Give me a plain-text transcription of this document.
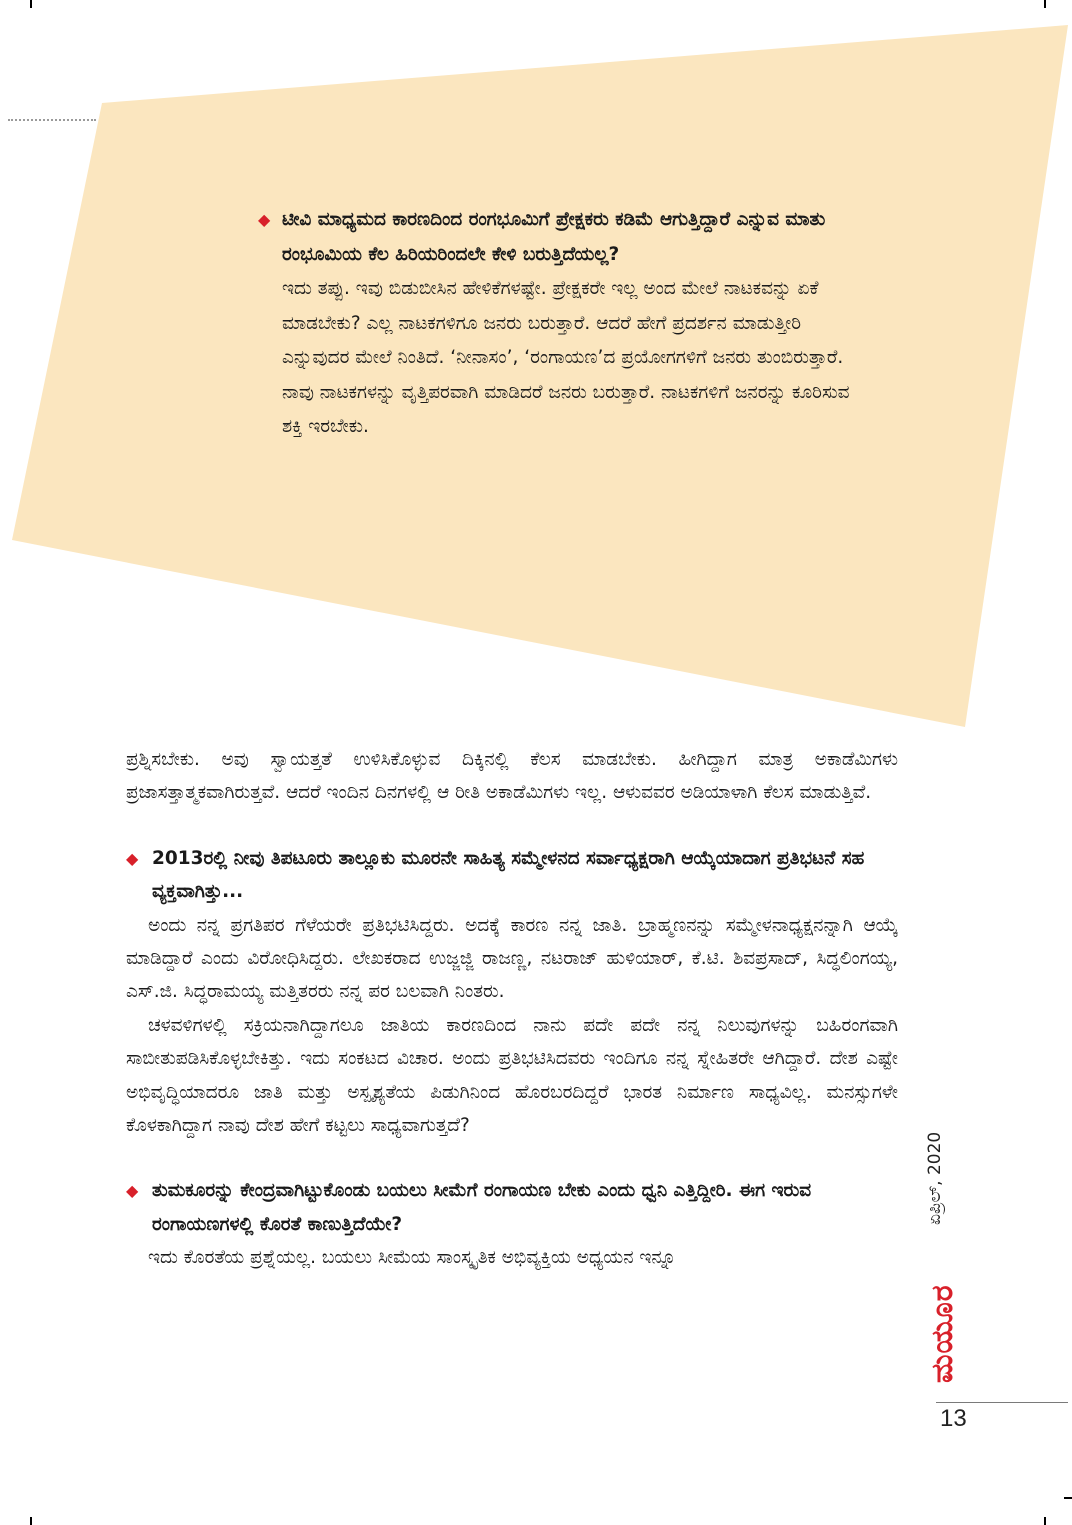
◆ ಟೀವಿ ಮಾಧ್ಯಮದ ಕಾರಣದಿಂದ ರಂಗಭೂಮಿಗೆ ಪ್ರೇಕ್ಷಕರು ಕಡಿಮೆ ಆಗುತ್ತಿದ್ದಾರೆ ಎನ್ನುವ ಮಾತು ರಂಭೂಮಿಯ ಕೆಲ ಹಿರಿಯರಿಂದಲೇ ಕೇಳಿ ಬರುತ್ತಿದೆಯಲ್ಲ?

ಇದು ತಪ್ಪು. ಇವು ಬಿಡುಬೀಸಿನ ಹೇಳಿಕೆಗಳಷ್ಟೇ. ಪ್ರೇಕ್ಷಕರೇ ಇಲ್ಲ ಅಂದ ಮೇಲೆ ನಾಟಕವನ್ನು ಏಕೆ ಮಾಡಬೇಕು? ಎಲ್ಲ ನಾಟಕಗಳಿಗೂ ಜನರು ಬರುತ್ತಾರೆ. ಆದರೆ ಹೇಗೆ ಪ್ರದರ್ಶನ ಮಾಡುತ್ತೀರಿ ಎನ್ನುವುದರ ಮೇಲೆ ನಿಂತಿದೆ. ‘ನೀನಾಸಂ’, ‘ರಂಗಾಯಣ’ದ ಪ್ರಯೋಗಗಳಿಗೆ ಜನರು ತುಂಬಿರುತ್ತಾರೆ. ನಾವು ನಾಟಕಗಳನ್ನು ವೃತ್ತಿಪರವಾಗಿ ಮಾಡಿದರೆ ಜನರು ಬರುತ್ತಾರೆ. ನಾಟಕಗಳಿಗೆ ಜನರನ್ನು ಕೂರಿಸುವ ಶಕ್ತಿ ಇರಬೇಕು.

ಪ್ರಶ್ನಿಸಬೇಕು. ಅವು ಸ್ವಾಯತ್ತತೆ ಉಳಿಸಿಕೊಳ್ಳುವ ದಿಕ್ಕಿನಲ್ಲಿ ಕೆಲಸ ಮಾಡಬೇಕು. ಹೀಗಿದ್ದಾಗ ಮಾತ್ರ ಅಕಾಡೆಮಿಗಳು ಪ್ರಜಾಸತ್ತಾತ್ಮಕವಾಗಿರುತ್ತವೆ. ಆದರೆ ಇಂದಿನ ದಿನಗಳಲ್ಲಿ ಆ ರೀತಿ ಅಕಾಡೆಮಿಗಳು ಇಲ್ಲ. ಆಳುವವರ ಅಡಿಯಾಳಾಗಿ ಕೆಲಸ ಮಾಡುತ್ತಿವೆ.

◆ 2013ರಲ್ಲಿ ನೀವು ತಿಪಟೂರು ತಾಲ್ಲೂಕು ಮೂರನೇ ಸಾಹಿತ್ಯ ಸಮ್ಮೇಳನದ ಸರ್ವಾಧ್ಯಕ್ಷರಾಗಿ ಆಯ್ಕೆಯಾದಾಗ ಪ್ರತಿಭಟನೆ ಸಹ ವ್ಯಕ್ತವಾಗಿತ್ತು...

ಅಂದು ನನ್ನ ಪ್ರಗತಿಪರ ಗೆಳೆಯರೇ ಪ್ರತಿಭಟಿಸಿದ್ದರು. ಅದಕ್ಕೆ ಕಾರಣ ನನ್ನ ಜಾತಿ. ಬ್ರಾಹ್ಮಣನನ್ನು ಸಮ್ಮೇಳನಾಧ್ಯಕ್ಷನನ್ನಾಗಿ ಆಯ್ಕೆ ಮಾಡಿದ್ದಾರೆ ಎಂದು ವಿರೋಧಿಸಿದ್ದರು. ಲೇಖಕರಾದ ಉಜ್ಜಜ್ಜಿ ರಾಜಣ್ಣ, ನಟರಾಜ್ ಹುಳಿಯಾರ್, ಕೆ.ಟಿ. ಶಿವಪ್ರಸಾದ್, ಸಿದ್ಧಲಿಂಗಯ್ಯ, ಎಸ್.ಜಿ. ಸಿದ್ಧರಾಮಯ್ಯ ಮತ್ತಿತರರು ನನ್ನ ಪರ ಬಲವಾಗಿ ನಿಂತರು.

ಚಳವಳಿಗಳಲ್ಲಿ ಸಕ್ರಿಯನಾಗಿದ್ದಾಗಲೂ ಜಾತಿಯ ಕಾರಣದಿಂದ ನಾನು ಪದೇ ಪದೇ ನನ್ನ ನಿಲುವುಗಳನ್ನು ಬಹಿರಂಗವಾಗಿ ಸಾಬೀತುಪಡಿಸಿಕೊಳ್ಳಬೇಕಿತ್ತು. ಇದು ಸಂಕಟದ ವಿಚಾರ. ಅಂದು ಪ್ರತಿಭಟಿಸಿದವರು ಇಂದಿಗೂ ನನ್ನ ಸ್ನೇಹಿತರೇ ಆಗಿದ್ದಾರೆ. ದೇಶ ಎಷ್ಟೇ ಅಭಿವೃದ್ಧಿಯಾದರೂ ಜಾತಿ ಮತ್ತು ಅಸ್ಪೃಶ್ಯತೆಯ ಪಿಡುಗಿನಿಂದ ಹೊರಬರದಿದ್ದರೆ ಭಾರತ ನಿರ್ಮಾಣ ಸಾಧ್ಯವಿಲ್ಲ. ಮನಸ್ಸುಗಳೇ ಕೊಳಕಾಗಿದ್ದಾಗ ನಾವು ದೇಶ ಹೇಗೆ ಕಟ್ಟಲು ಸಾಧ್ಯವಾಗುತ್ತದೆ?

◆ ತುಮಕೂರನ್ನು ಕೇಂದ್ರವಾಗಿಟ್ಟುಕೊಂಡು ಬಯಲು ಸೀಮೆಗೆ ರಂಗಾಯಣ ಬೇಕು ಎಂದು ಧ್ವನಿ ಎತ್ತಿದ್ದೀರಿ. ಈಗ ಇರುವ ರಂಗಾಯಣಗಳಲ್ಲಿ ಕೊರತೆ ಕಾಣುತ್ತಿದೆಯೇ?

ಇದು ಕೊರತೆಯ ಪ್ರಶ್ನೆಯಲ್ಲ. ಬಯಲು ಸೀಮೆಯ ಸಾಂಸ್ಕೃತಿಕ ಅಭಿವ್ಯಕ್ತಿಯ ಅಧ್ಯಯನ ಇನ್ನೂ

ಏಪ್ರಿಲ್, 2020
ಮಯೂರ
13
